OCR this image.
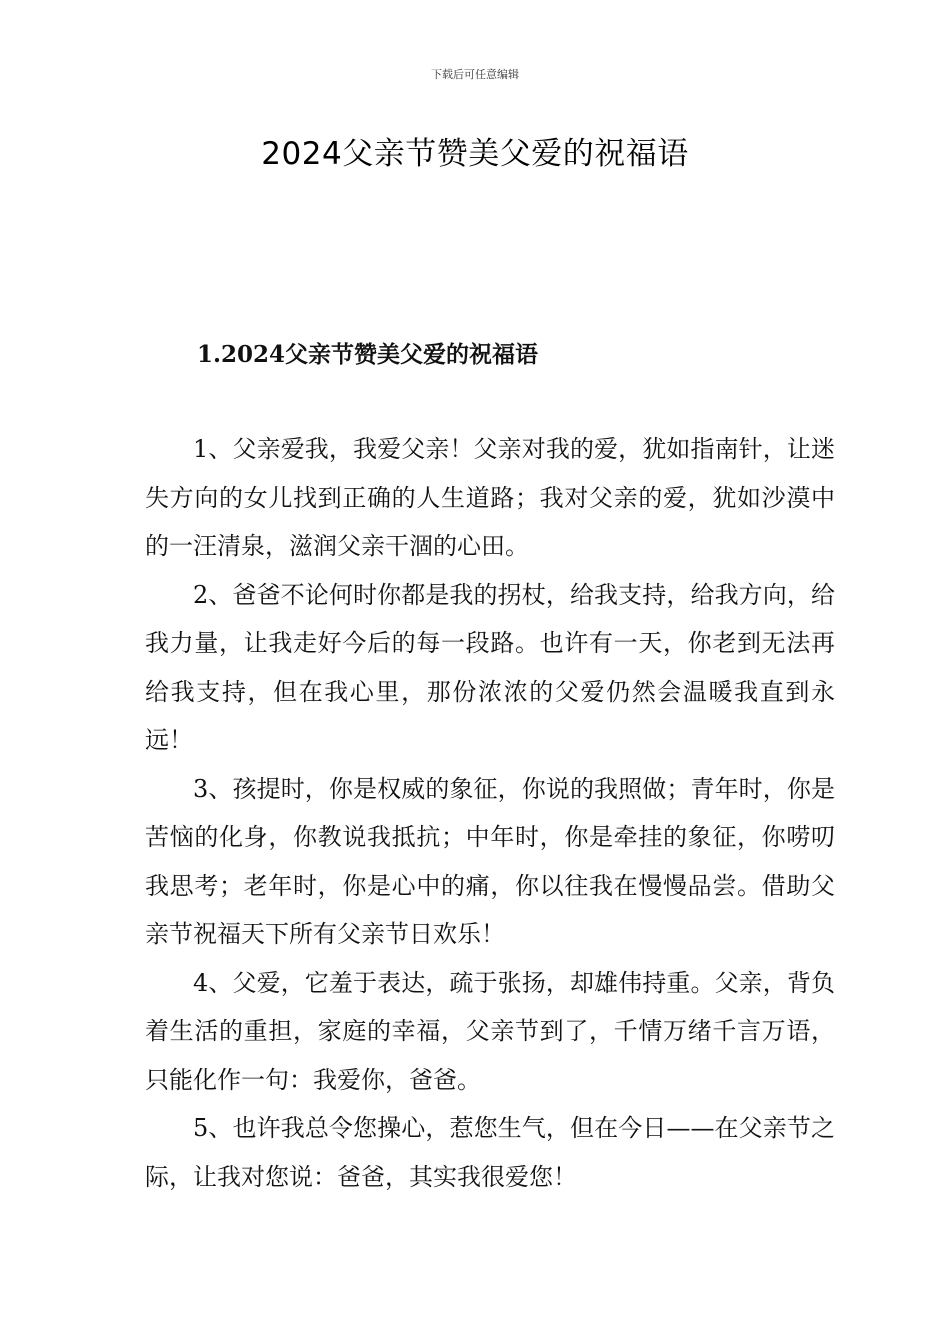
下载后可任意编辑
2024父亲节赞美父爱的祝福语
1.2024父亲节赞美父爱的祝福语

1、父亲爱我，我爱父亲！父亲对我的爱，犹如指南针，让迷失方向的女儿找到正确的人生道路；我对父亲的爱，犹如沙漠中的一汪清泉，滋润父亲干涸的心田。

2、爸爸不论何时你都是我的拐杖，给我支持，给我方向，给我力量，让我走好今后的每一段路。也许有一天，你老到无法再给我支持，但在我心里，那份浓浓的父爱仍然会温暖我直到永远！

3、孩提时，你是权威的象征，你说的我照做；青年时，你是苦恼的化身，你教说我抵抗；中年时，你是牵挂的象征，你唠叨我思考；老年时，你是心中的痛，你以往我在慢慢品尝。借助父亲节祝福天下所有父亲节日欢乐！

4、父爱，它羞于表达，疏于张扬，却雄伟持重。父亲，背负着生活的重担，家庭的幸福，父亲节到了，千情万绪千言万语，只能化作一句：我爱你，爸爸。

5、也许我总令您操心，惹您生气，但在今日——在父亲节之际，让我对您说：爸爸，其实我很爱您！
